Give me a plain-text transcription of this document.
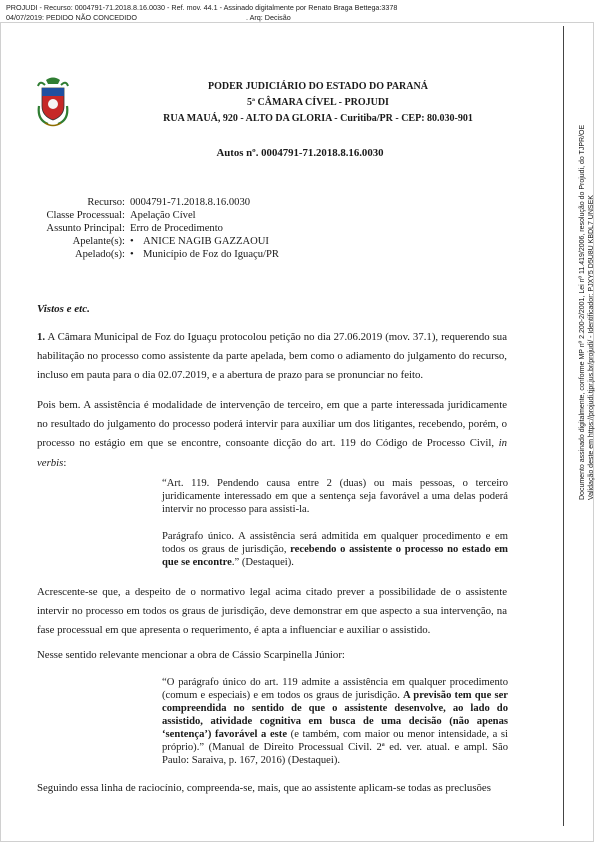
PROJUDI - Recurso: 0004791-71.2018.8.16.0030 - Ref. mov. 44.1 - Assinado digitalmente por Renato Braga Bettega:3378
04/07/2019: PEDIDO NÃO CONCEDIDO	. Arq: Decisão
Documento assinado digitalmente, conforme MP nº 2.200-2/2001, Lei nº 11.419/2006, resolução do Projudi, do TJPR/OE Validação deste em https://projudi.tjpr.jus.br/projudi/ - Identificador: PJXY5 D5U8U KBDL7 UNSEK
PODER JUDICIÁRIO DO ESTADO DO PARANÁ
5ª CÂMARA CÍVEL - PROJUDI
RUA MAUÁ, 920 - ALTO DA GLORIA - Curitiba/PR - CEP: 80.030-901
Autos nº. 0004791-71.2018.8.16.0030
Recurso: 0004791-71.2018.8.16.0030
Classe Processual: Apelação Cível
Assunto Principal: Erro de Procedimento
Apelante(s): • ANICE NAGIB GAZZAOUI
Apelado(s): • Município de Foz do Iguaçu/PR
Vistos e etc.

1. A Câmara Municipal de Foz do Iguaçu protocolou petição no dia 27.06.2019 (mov. 37.1), requerendo sua habilitação no processo como assistente da parte apelada, bem como o adiamento do julgamento do recurso, incluso em pauta para o dia 02.07.2019, e a abertura de prazo para se pronunciar no feito.

Pois bem. A assistência é modalidade de intervenção de terceiro, em que a parte interessada juridicamente no resultado do julgamento do processo poderá intervir para auxiliar um dos litigantes, recebendo, porém, o processo no estágio em que se encontre, consoante dicção do art. 119 do Código de Processo Civil, in verbis:

“Art. 119. Pendendo causa entre 2 (duas) ou mais pessoas, o terceiro juridicamente interessado em que a sentença seja favorável a uma delas poderá intervir no processo para assisti-la.

Parágrafo único. A assistência será admitida em qualquer procedimento e em todos os graus de jurisdição, recebendo o assistente o processo no estado em que se encontre.” (Destaquei).

Acrescente-se que, a despeito de o normativo legal acima citado prever a possibilidade de o assistente intervir no processo em todos os graus de jurisdição, deve demonstrar em que aspecto a sua intervenção, na fase processual em que apresenta o requerimento, é apta a influenciar e auxiliar o assistido.

Nesse sentido relevante mencionar a obra de Cássio Scarpinella Júnior:

“O parágrafo único do art. 119 admite a assistência em qualquer procedimento (comum e especiais) e em todos os graus de jurisdição. A previsão tem que ser compreendida no sentido de que o assistente desenvolve, ao lado do assistido, atividade cognitiva em busca de uma decisão (não apenas ‘sentença’) favorável a este (e também, com maior ou menor intensidade, a si próprio).” (Manual de Direito Processual Civil. 2ª ed. ver. atual. e ampl. São Paulo: Saraiva, p. 167, 2016) (Destaquei).

Seguindo essa linha de raciocínio, compreenda-se, mais, que ao assistente aplicam-se todas as preclusões
